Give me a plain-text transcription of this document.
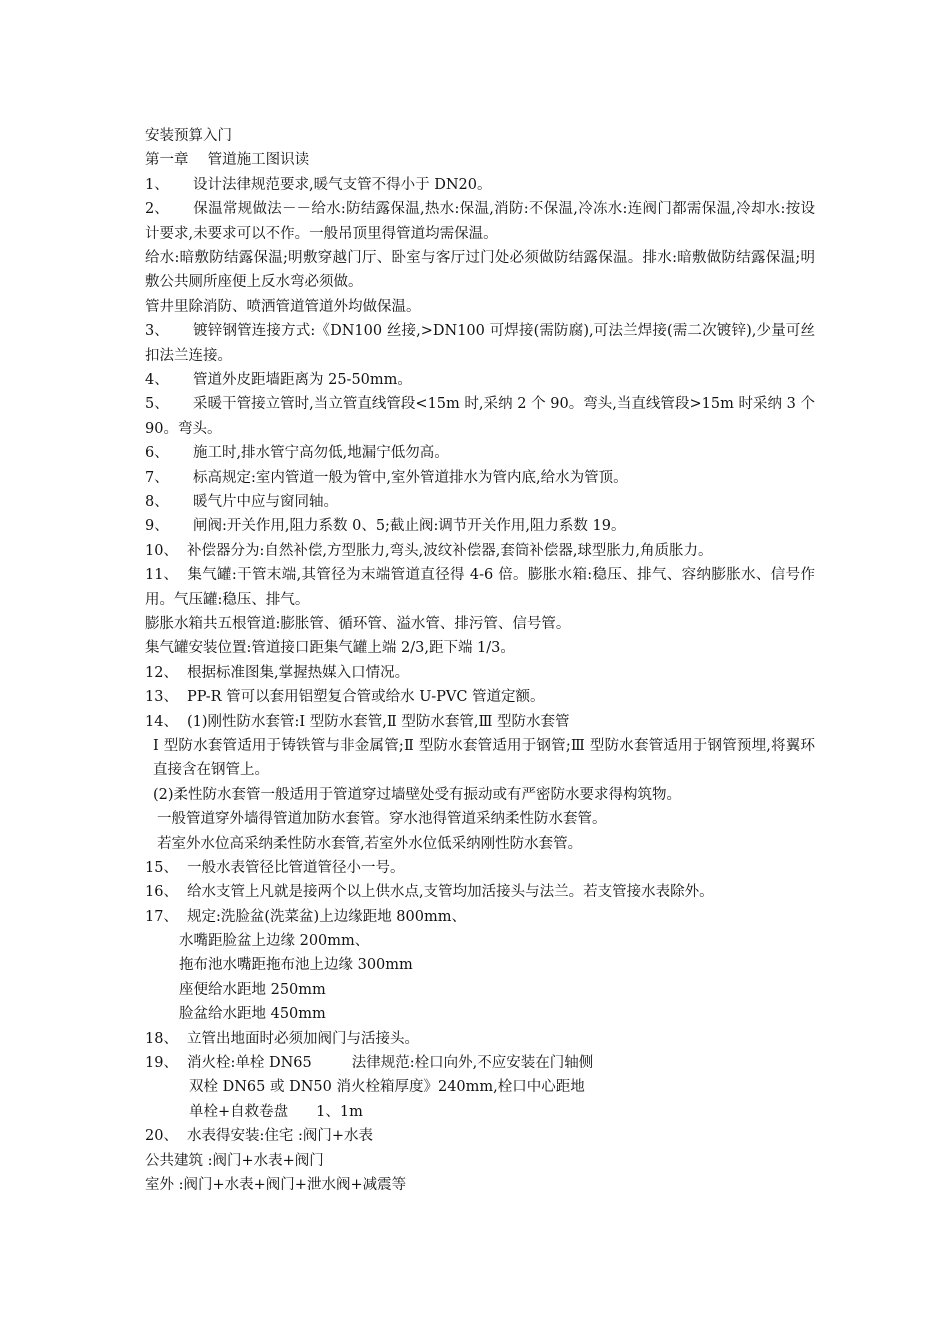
安装预算入门
第一章　 管道施工图识读
1、 设计法律规范要求,暖气支管不得小于 DN20。
2、 保温常规做法－－给水:防结露保温,热水:保温,消防:不保温,冷冻水:连阀门都需保温,冷却水:按设计要求,未要求可以不作。一般吊顶里得管道均需保温。
给水:暗敷防结露保温;明敷穿越门厅、卧室与客厅过门处必须做防结露保温。排水:暗敷做防结露保温;明敷公共厕所座便上反水弯必须做。
管井里除消防、喷洒管道管道外均做保温。
3、 镀锌钢管连接方式:《DN100 丝接,>DN100 可焊接(需防腐),可法兰焊接(需二次镀锌),少量可丝扣法兰连接。
4、 管道外皮距墙距离为 25-50mm。
5、 采暖干管接立管时,当立管直线管段<15m 时,采纳 2 个 90。弯头,当直线管段>15m 时采纳 3 个 90。弯头。
6、 施工时,排水管宁高勿低,地漏宁低勿高。
7、 标高规定:室内管道一般为管中,室外管道排水为管内底,给水为管顶。
8、 暖气片中应与窗同轴。
9、 闸阀:开关作用,阻力系数 0、5;截止阀:调节开关作用,阻力系数 19。
10、 补偿器分为:自然补偿,方型胀力,弯头,波纹补偿器,套筒补偿器,球型胀力,角质胀力。
11、 集气罐:干管末端,其管径为末端管道直径得 4-6 倍。膨胀水箱:稳压、排气、容纳膨胀水、信号作用。气压罐:稳压、排气。
膨胀水箱共五根管道:膨胀管、循环管、溢水管、排污管、信号管。
集气罐安装位置:管道接口距集气罐上端 2/3,距下端 1/3。
12、 根据标准图集,掌握热媒入口情况。
13、 PP-R 管可以套用铝塑复合管或给水 U-PVC 管道定额。
14、 (1)刚性防水套管:Ⅰ 型防水套管,Ⅱ 型防水套管,Ⅲ 型防水套管
Ⅰ 型防水套管适用于铸铁管与非金属管;Ⅱ 型防水套管适用于钢管;Ⅲ 型防水套管适用于钢管预埋,将翼环直接含在钢管上。
(2)柔性防水套管一般适用于管道穿过墙壁处受有振动或有严密防水要求得构筑物。
一般管道穿外墙得管道加防水套管。穿水池得管道采纳柔性防水套管。
若室外水位高采纳柔性防水套管,若室外水位低采纳刚性防水套管。
15、 一般水表管径比管道管径小一号。
16、 给水支管上凡就是接两个以上供水点,支管均加活接头与法兰。若支管接水表除外。
17、 规定:洗脸盆(洗菜盆)上边缘距地 800mm、
水嘴距脸盆上边缘 200mm、
拖布池水嘴距拖布池上边缘 300mm
座便给水距地 250mm
脸盆给水距地 450mm
18、 立管出地面时必须加阀门与活接头。
19、 消火栓:单栓 DN65	法律规范:栓口向外,不应安装在门轴侧
双栓 DN65 或 DN50 消火栓箱厚度》240mm,栓口中心距地
单栓+自救卷盘 1、1m
20、 水表得安装:住宅 :阀门+水表
公共建筑 :阀门+水表+阀门
室外 :阀门+水表+阀门+泄水阀+减震等
